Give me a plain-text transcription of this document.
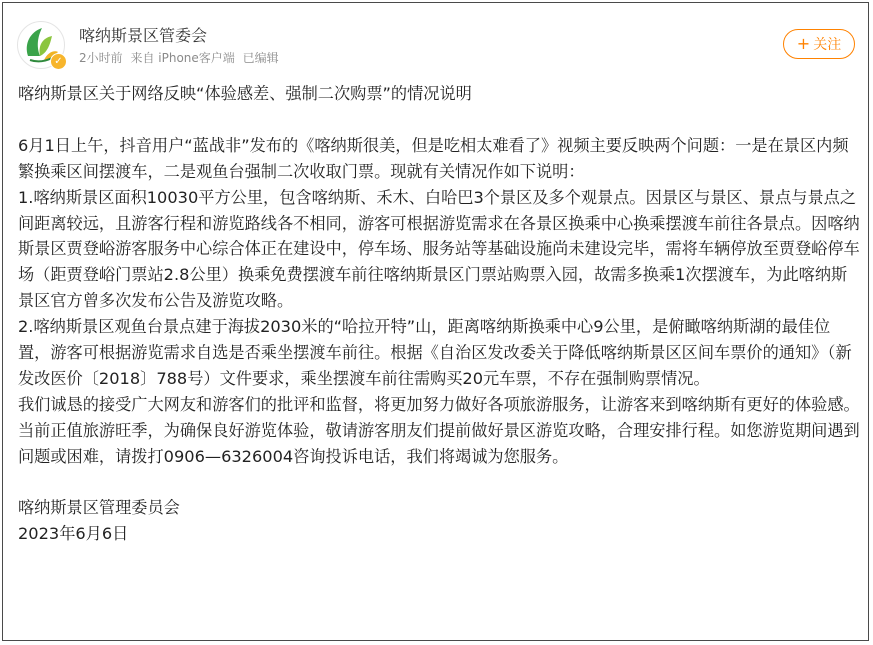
✓
喀纳斯景区管委会
2小时前 来自 iPhone客户端 已编辑
+ 关注

喀纳斯景区关于网络反映“体验感差、强制二次购票”的情况说明

6月1日上午，抖音用户“蓝战非”发布的《喀纳斯很美，但是吃相太难看了》视频主要反映两个问题：一是在景区内频繁换乘区间摆渡车，二是观鱼台强制二次收取门票。现就有关情况作如下说明：

1.喀纳斯景区面积10030平方公里，包含喀纳斯、禾木、白哈巴3个景区及多个观景点。因景区与景区、景点与景点之间距离较远，且游客行程和游览路线各不相同，游客可根据游览需求在各景区换乘中心换乘摆渡车前往各景点。因喀纳斯景区贾登峪游客服务中心综合体正在建设中，停车场、服务站等基础设施尚未建设完毕，需将车辆停放至贾登峪停车场（距贾登峪门票站2.8公里）换乘免费摆渡车前往喀纳斯景区门票站购票入园，故需多换乘1次摆渡车，为此喀纳斯景区官方曾多次发布公告及游览攻略。

2.喀纳斯景区观鱼台景点建于海拔2030米的“哈拉开特”山，距离喀纳斯换乘中心9公里，是俯瞰喀纳斯湖的最佳位置，游客可根据游览需求自选是否乘坐摆渡车前往。根据《自治区发改委关于降低喀纳斯景区区间车票价的通知》（新发改医价〔2018〕788号）文件要求，乘坐摆渡车前往需购买20元车票，不存在强制购票情况。

我们诚恳的接受广大网友和游客们的批评和监督，将更加努力做好各项旅游服务，让游客来到喀纳斯有更好的体验感。当前正值旅游旺季，为确保良好游览体验，敬请游客朋友们提前做好景区游览攻略，合理安排行程。如您游览期间遇到问题或困难，请拨打0906—6326004咨询投诉电话，我们将竭诚为您服务。

喀纳斯景区管理委员会

2023年6月6日
